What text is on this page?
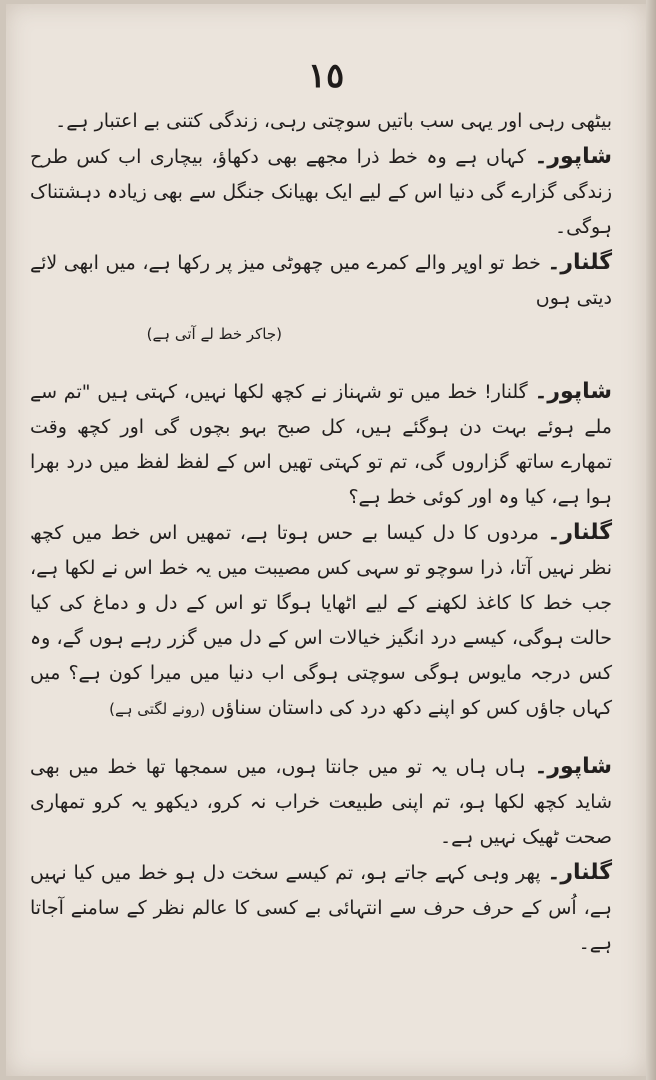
١٥

بیٹھی رہی اور یہی سب باتیں سوچتی رہی، زندگی کتنی بے اعتبار ہے۔

شاپور۔ کہاں ہے وہ خط ذرا مجھے بھی دکھاؤ، بیچاری اب کس طرح زندگی گزارے گی دنیا اس کے لیے ایک بھیانک جنگل سے بھی زیادہ دہشتناک ہوگی۔

گلنار۔ خط تو اوپر والے کمرے میں چھوٹی میز پر رکھا ہے، میں ابھی لائے دیتی ہوں

(جاکر خط لے آتی ہے)

شاپور۔ گلنار! خط میں تو شہناز نے کچھ لکھا نہیں، کہتی ہیں "تم سے ملے ہوئے بہت دن ہوگئے ہیں، کل صبح بہو بچوں گی اور کچھ وقت تمھارے ساتھ گزاروں گی، تم تو کہتی تھیں اس کے لفظ لفظ میں درد بھرا ہوا ہے، کیا وہ اور کوئی خط ہے؟

گلنار۔ مردوں کا دل کیسا بے حس ہوتا ہے، تمھیں اس خط میں کچھ نظر نہیں آتا، ذرا سوچو تو سہی کس مصیبت میں یہ خط اس نے لکھا ہے، جب خط کا کاغذ لکھنے کے لیے اٹھایا ہوگا تو اس کے دل و دماغ کی کیا حالت ہوگی، کیسے درد انگیز خیالات اس کے دل میں گزر رہے ہوں گے، وہ کس درجہ مایوس ہوگی سوچتی ہوگی اب دنیا میں میرا کون ہے؟ میں کہاں جاؤں کس کو اپنے دکھ درد کی داستان سناؤں (رونے لگتی ہے)

شاپور۔ ہاں ہاں یہ تو میں جانتا ہوں، میں سمجھا تھا خط میں بھی شاید کچھ لکھا ہو، تم اپنی طبیعت خراب نہ کرو، دیکھو یہ کرو تمھاری صحت ٹھیک نہیں ہے۔

گلنار۔ پھر وہی کہے جاتے ہو، تم کیسے سخت دل ہو خط میں کیا نہیں ہے، اُس کے حرف حرف سے انتہائی بے کسی کا عالم نظر کے سامنے آجاتا ہے۔
